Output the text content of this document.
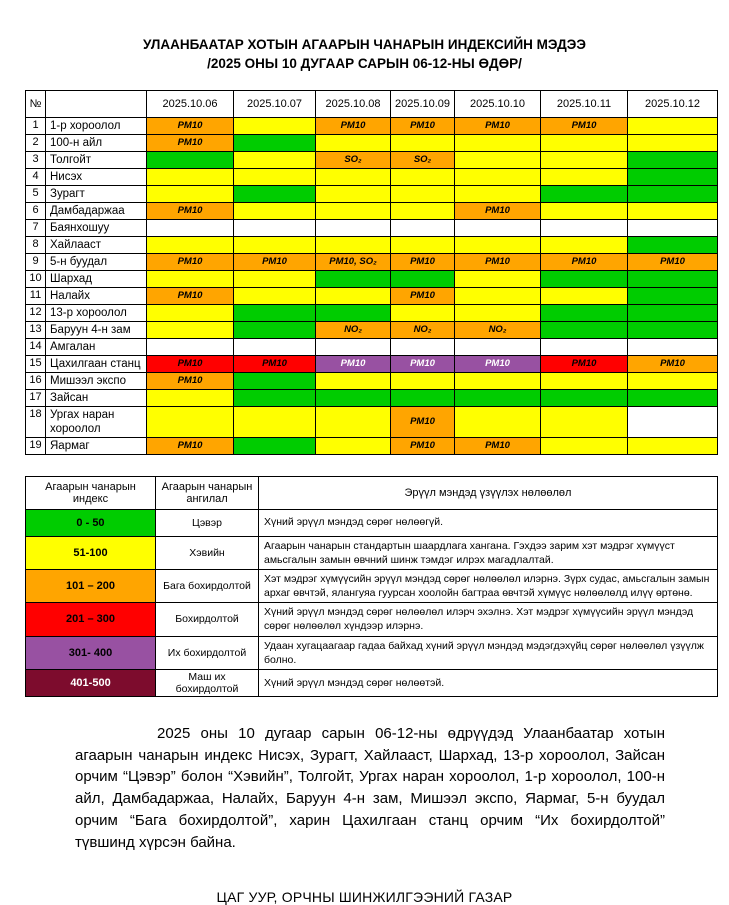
УЛААНБААТАР ХОТЫН АГААРЫН ЧАНАРЫН ИНДЕКСИЙН МЭДЭЭ
/2025 ОНЫ 10 ДУГААР САРЫН 06-12-НЫ ӨДӨР/
№		2025.10.06	2025.10.07	2025.10.08	2025.10.09	2025.10.10	2025.10.11	2025.10.12
1	1-р хороолол	PM10		PM10	PM10	PM10	PM10	
2	100-н айл	PM10						
3	Толгойт			SO₂	SO₂			
4	Нисэх							
5	Зурагт							
6	Дамбадаржаа	PM10				PM10		
7	Баянхошуу							
8	Хайлааст							
9	5-н буудал	PM10	PM10	PM10, SO₂	PM10	PM10	PM10	PM10
10	Шархад							
11	Налайх	PM10			PM10			
12	13-р хороолол							
13	Баруун 4-н зам			NO₂	NO₂	NO₂		
14	Амгалан							
15	Цахилгаан станц	PM10	PM10	PM10	PM10	PM10	PM10	PM10
16	Мишээл экспо	PM10						
17	Зайсан							
18	Ургах наран хороолол				PM10			
19	Яармаг	PM10			PM10	PM10		
Агаарын чанарын индекс	Агаарын чанарын ангилал	Эрүүл мэндэд үзүүлэх нөлөөлөл
0 - 50	Цэвэр	Хүний эрүүл мэндэд сөрөг нөлөөгүй.
51-100	Хэвийн	Агаарын чанарын стандартын шаардлага хангана. Гэхдээ зарим хэт мэдрэг хүмүүст амьсгалын замын өвчний шинж тэмдэг илрэх магадлалтай.
101 – 200	Бага бохирдолтой	Хэт мэдрэг хүмүүсийн эрүүл мэндэд сөрөг нөлөөлөл илэрнэ. Зүрх судас, амьсгалын замын архаг өвчтэй, ялангуяа гуурсан хоолойн багтраа өвчтэй хүмүүс нөлөөлөлд илүү өртөнө.
201 – 300	Бохирдолтой	Хүний эрүүл мэндэд сөрөг нөлөөлөл илэрч эхэлнэ. Хэт мэдрэг хүмүүсийн эрүүл мэндэд сөрөг нөлөөлөл хүндээр илэрнэ.
301- 400	Их бохирдолтой	Удаан хугацаагаар гадаа байхад хүний эрүүл мэндэд мэдэгдэхүйц сөрөг нөлөөлөл үзүүлж болно.
401-500	Маш их бохирдолтой	Хүний эрүүл мэндэд сөрөг нөлөөтэй.

2025 оны 10 дугаар сарын 06-12-ны өдрүүдэд Улаанбаатар хотын агаарын чанарын индекс Нисэх, Зурагт, Хайлааст, Шархад, 13-р хороолол, Зайсан орчим “Цэвэр” болон “Хэвийн”, Толгойт, Ургах наран хороолол, 1-р хороолол, 100-н айл, Дамбадаржаа, Налайх, Баруун 4-н зам, Мишээл экспо, Яармаг, 5-н буудал орчим “Бага бохирдолтой”, харин Цахилгаан станц орчим “Их бохирдолтой” түвшинд хүрсэн байна.

ЦАГ УУР, ОРЧНЫ ШИНЖИЛГЭЭНИЙ ГАЗАР
